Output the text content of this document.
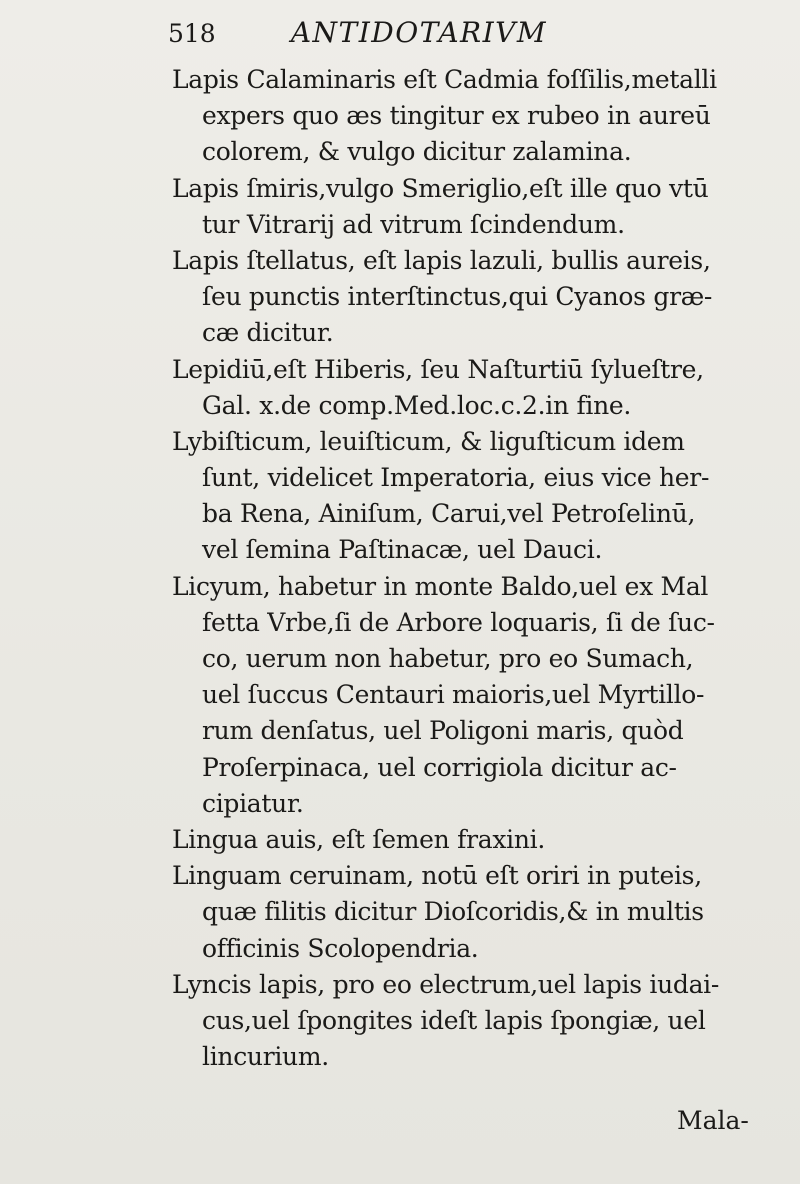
518	ANTIDOTARIVM
Lapis Calaminaris eſt Cadmia foſſilis,metalli
expers quo æs tingitur ex rubeo in aureū
colorem, & vulgo dicitur zalamina.
Lapis ſmiris,vulgo Smeriglio,eſt ille quo vtū
tur Vitrarij ad vitrum ſcindendum.
Lapis ſtellatus, eſt lapis lazuli, bullis aureis,
ſeu punctis interſtinctus,qui Cyanos græ-
cæ dicitur.
Lepidiū,eſt Hiberis, ſeu Naſturtiū ſylueſtre,
Gal. x.de comp.Med.loc.c.2.in fine.
Lybiſticum, leuiſticum, & liguſticum idem
ſunt, videlicet Imperatoria, eius vice her-
ba Rena, Ainiſum, Carui,vel Petroſelinū,
vel ſemina Paſtinacæ, uel Dauci.
Licyum, habetur in monte Baldo,uel ex Mal
fetta Vrbe,ſi de Arbore loquaris, ſi de ſuc-
co, uerum non habetur, pro eo Sumach,
uel ſuccus Centauri maioris,uel Myrtillo-
rum denſatus, uel Poligoni maris, quòd
Proſerpinaca, uel corrigiola dicitur ac-
cipiatur.
Lingua auis, eſt ſemen fraxini.
Linguam ceruinam, notū eſt oriri in puteis,
quæ filitis dicitur Dioſcoridis,& in multis
officinis Scolopendria.
Lyncis lapis, pro eo electrum,uel lapis iudai-
cus,uel ſpongites ideſt lapis ſpongiæ, uel
lincurium.
Mala-
